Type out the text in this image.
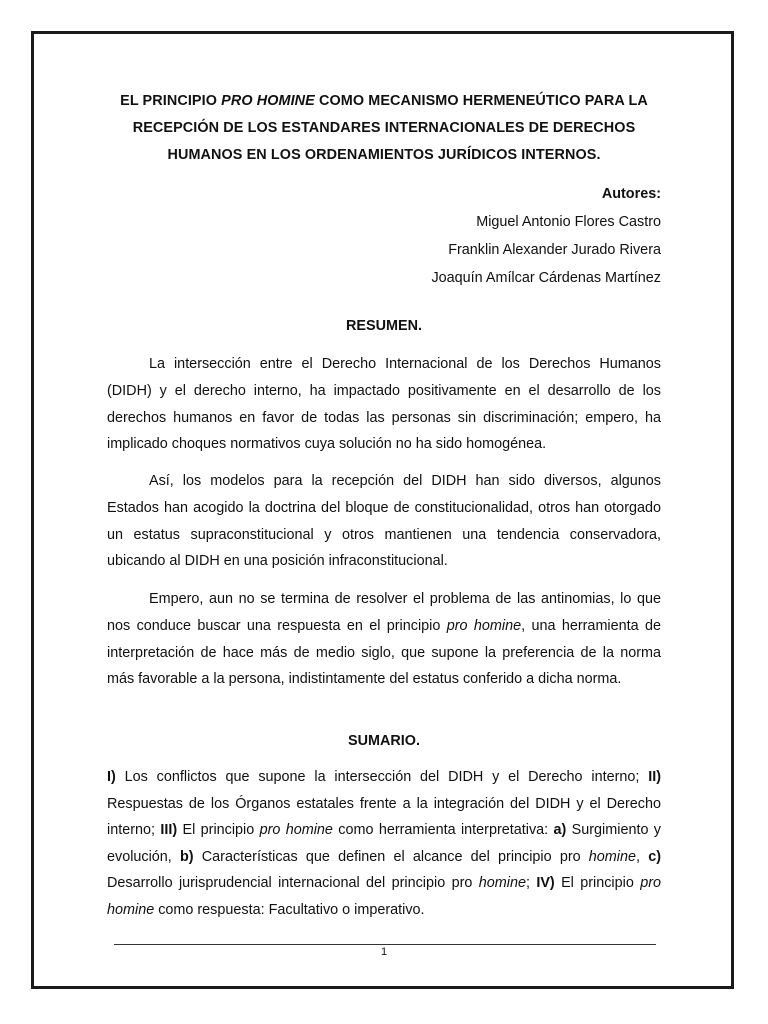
EL PRINCIPIO PRO HOMINE COMO MECANISMO HERMENEÚTICO PARA LA
RECEPCIÓN DE LOS ESTANDARES INTERNACIONALES DE DERECHOS
HUMANOS EN LOS ORDENAMIENTOS JURÍDICOS INTERNOS.
Autores:
Miguel Antonio Flores Castro
Franklin Alexander Jurado Rivera
Joaquín Amílcar Cárdenas Martínez
RESUMEN.

La intersección entre el Derecho Internacional de los Derechos Humanos (DIDH) y el derecho interno, ha impactado positivamente en el desarrollo de los derechos humanos en favor de todas las personas sin discriminación; empero, ha implicado choques normativos cuya solución no ha sido homogénea.

Así, los modelos para la recepción del DIDH han sido diversos, algunos Estados han acogido la doctrina del bloque de constitucionalidad, otros han otorgado un estatus supraconstitucional y otros mantienen una tendencia conservadora, ubicando al DIDH en una posición infraconstitucional.

Empero, aun no se termina de resolver el problema de las antinomias, lo que nos conduce buscar una respuesta en el principio pro homine, una herramienta de interpretación de hace más de medio siglo, que supone la preferencia de la norma más favorable a la persona, indistintamente del estatus conferido a dicha norma.

SUMARIO.

I) Los conflictos que supone la intersección del DIDH y el Derecho interno; II) Respuestas de los Órganos estatales frente a la integración del DIDH y el Derecho interno; III) El principio pro homine como herramienta interpretativa: a) Surgimiento y evolución, b) Características que definen el alcance del principio pro homine, c) Desarrollo jurisprudencial internacional del principio pro homine; IV) El principio pro homine como respuesta: Facultativo o imperativo.

1
